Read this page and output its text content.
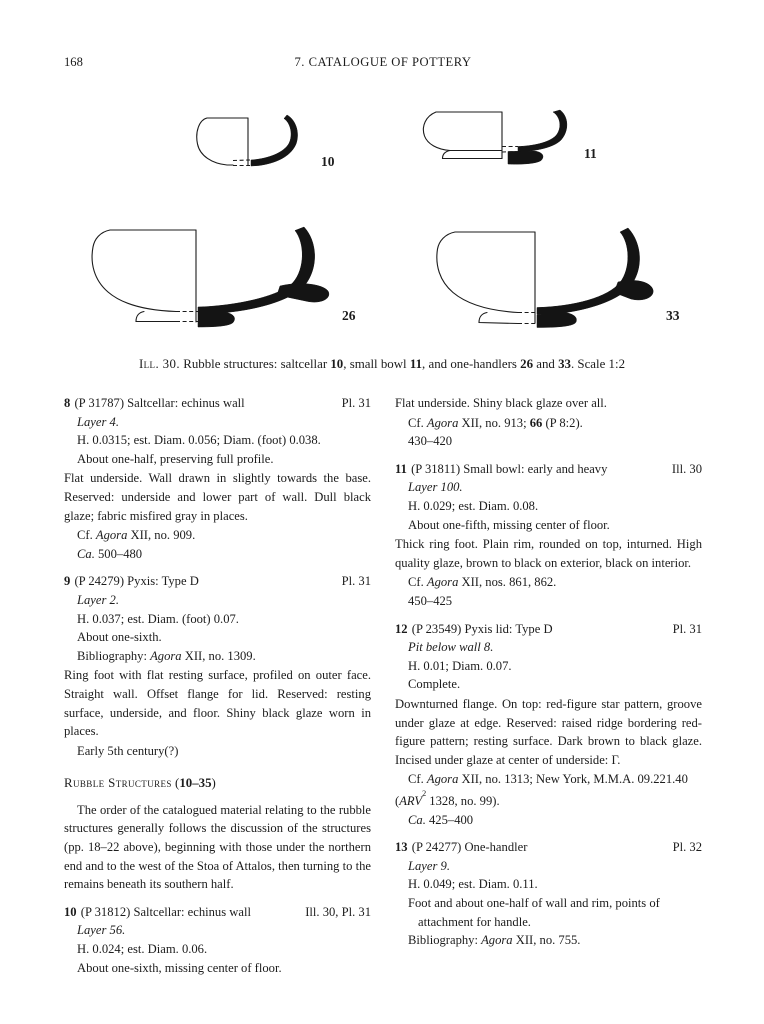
168	7. CATALOGUE OF POTTERY
10
11
26	33
Ill. 30. Rubble structures: saltcellar 10, small bowl 11, and one-handlers 26 and 33. Scale 1:2
8 (P 31787) Saltcellar: echinus wall	Pl. 31
Layer 4.
H. 0.0315; est. Diam. 0.056; Diam. (foot) 0.038.
About one-half, preserving full profile.

Flat underside. Wall drawn in slightly towards the base. Reserved: underside and lower part of wall. Dull black glaze; fabric misfired gray in places.

Cf. Agora XII, no. 909.
Ca. 500–480
9 (P 24279) Pyxis: Type D	Pl. 31
Layer 2.
H. 0.037; est. Diam. (foot) 0.07.
About one-sixth.
Bibliography: Agora XII, no. 1309.

Ring foot with flat resting surface, profiled on outer face. Straight wall. Offset flange for lid. Reserved: resting surface, underside, and floor. Shiny black glaze worn in places.

Early 5th century(?)
Rubble Structures (10–35)

The order of the catalogued material relating to the rubble structures generally follows the discussion of the structures (pp. 18–22 above), beginning with those under the northern end and to the west of the Stoa of Attalos, then turning to the remains beneath its southern half.

10 (P 31812) Saltcellar: echinus wall	Ill. 30, Pl. 31
Layer 56.
H. 0.024; est. Diam. 0.06.
About one-sixth, missing center of floor.

Flat underside. Shiny black glaze over all.

Cf. Agora XII, no. 913; 66 (P 8:2).
430–420
11 (P 31811) Small bowl: early and heavy	Ill. 30
Layer 100.
H. 0.029; est. Diam. 0.08.
About one-fifth, missing center of floor.

Thick ring foot. Plain rim, rounded on top, inturned. High quality glaze, brown to black on exterior, black on interior.

Cf. Agora XII, nos. 861, 862.
450–425
12 (P 23549) Pyxis lid: Type D	Pl. 31
Pit below wall 8.
H. 0.01; Diam. 0.07.
Complete.

Downturned flange. On top: red-figure star pattern, groove under glaze at edge. Reserved: raised ridge bordering red-figure pattern; resting surface. Dark brown to black glaze. Incised under glaze at center of underside: Γ.

Cf. Agora XII, no. 1313; New York, M.M.A. 09.221.40 (ARV$^2$ 1328, no. 99).
Ca. 425–400
13 (P 24277) One-handler	Pl. 32
Layer 9.
H. 0.049; est. Diam. 0.11.
Foot and about one-half of wall and rim, points of attachment for handle.
Bibliography: Agora XII, no. 755.
